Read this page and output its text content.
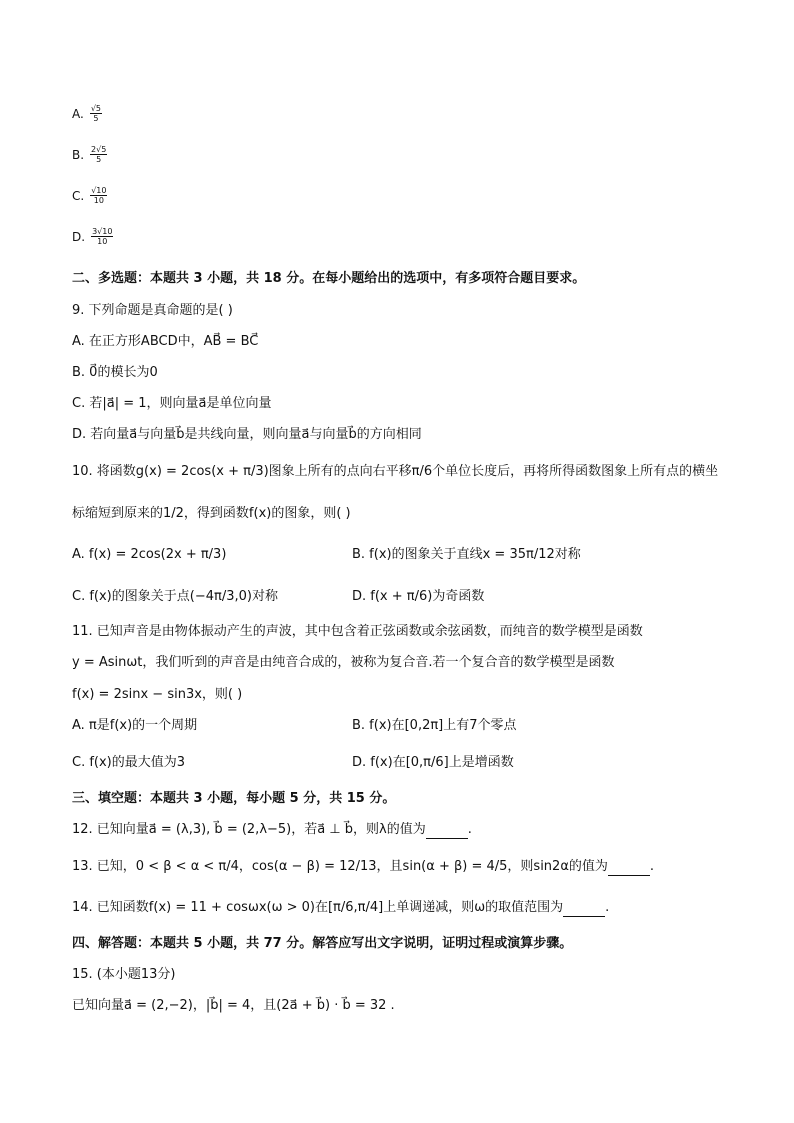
A. $\frac{√5}{5}$
B. $\frac{2√5}{5}$
C. $\frac{√10}{10}$
D. $\frac{3√10}{10}$
二、多选题：本题共 3 小题，共 18 分。在每小题给出的选项中，有多项符合题目要求。
9. 下列命题是真命题的是( )
A. 在正方形ABCD中，AB⃗ = BC⃗
B. 0⃗的模长为0
C. 若|a⃗| = 1，则向量a⃗是单位向量
D. 若向量a⃗与向量b⃗是共线向量，则向量a⃗与向量b⃗的方向相同
10. 将函数g(x) = 2cos(x + π/3)图象上所有的点向右平移π/6个单位长度后，再将所得函数图象上所有点的横坐
标缩短到原来的1/2，得到函数f(x)的图象，则( )
A. f(x) = 2cos(2x + π/3)	B. f(x)的图象关于直线x = 35π/12对称
C. f(x)的图象关于点(−4π/3,0)对称	D. f(x + π/6)为奇函数
11. 已知声音是由物体振动产生的声波，其中包含着正弦函数或余弦函数，而纯音的数学模型是函数
y = Asinωt，我们听到的声音是由纯音合成的，被称为复合音.若一个复合音的数学模型是函数
f(x) = 2sinx − sin3x，则( )
A. π是f(x)的一个周期	B. f(x)在[0,2π]上有7个零点
C. f(x)的最大值为3	D. f(x)在[0,π/6]上是增函数
三、填空题：本题共 3 小题，每小题 5 分，共 15 分。
12. 已知向量a⃗ = (λ,3), b⃗ = (2,λ−5)，若a⃗ ⊥ b⃗，则λ的值为	.
13. 已知，0 < β < α < π/4，cos(α − β) = 12/13，且sin(α + β) = 4/5，则sin2α的值为	.
14. 已知函数f(x) = 11 + cosωx(ω > 0)在[π/6,π/4]上单调递减，则ω的取值范围为	.
四、解答题：本题共 5 小题，共 77 分。解答应写出文字说明，证明过程或演算步骤。
15. (本小题13分)
已知向量a⃗ = (2,−2)，|b⃗| = 4，且(2a⃗ + b⃗) · b⃗ = 32 .
